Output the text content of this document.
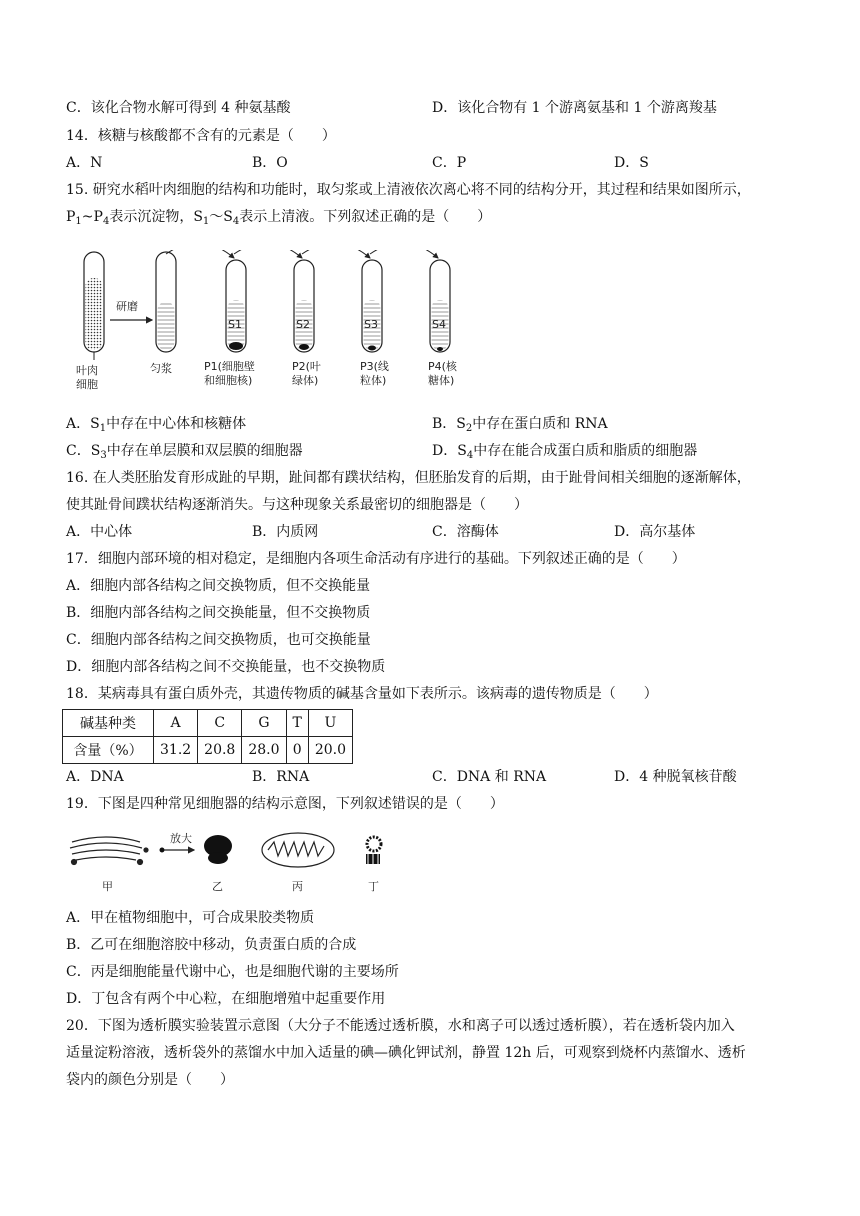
C．该化合物水解可得到 4 种氨基酸	D．该化合物有 1 个游离氨基和 1 个游离羧基
14．核糖与核酸都不含有的元素是（　　）
A．N	B．O	C．P	D．S
15. 研究水稻叶肉细胞的结构和功能时，取匀浆或上清液依次离心将不同的结构分开，其过程和结果如图所示，
$P_1\sim P_4$表示沉淀物，$S_1\sim S_4$表示上清液。下列叙述正确的是（　　）
叶肉
细胞
研磨
匀浆
S1	S2	S3	S4
P1(细胞壁
和细胞核)
P2(叶
绿体)
P3(线
粒体)
P4(核
糖体)
A．$S_1$中存在中心体和核糖体	B．$S_2$中存在蛋白质和 RNA
C．$S_3$中存在单层膜和双层膜的细胞器	D．$S_4$中存在能合成蛋白质和脂质的细胞器
16. 在人类胚胎发育形成趾的早期，趾间都有蹼状结构，但胚胎发育的后期，由于趾骨间相关细胞的逐渐解体，
使其趾骨间蹼状结构逐渐消失。与这种现象关系最密切的细胞器是（　　）
A．中心体	B．内质网	C．溶酶体	D．高尔基体
17．细胞内部环境的相对稳定，是细胞内各项生命活动有序进行的基础。下列叙述正确的是（　　）
A．细胞内部各结构之间交换物质，但不交换能量
B．细胞内部各结构之间交换能量，但不交换物质
C．细胞内部各结构之间交换物质，也可交换能量
D．细胞内部各结构之间不交换能量，也不交换物质
18．某病毒具有蛋白质外壳，其遗传物质的碱基含量如下表所示。该病毒的遗传物质是（　　）
碱基种类	A	C	G	T	U
含量（%）	31.2	20.8	28.0	0	20.0
A．DNA	B．RNA	C．DNA 和 RNA	D．4 种脱氧核苷酸
19．下图是四种常见细胞器的结构示意图，下列叙述错误的是（　　）
甲
放大
乙	丙	丁
A．甲在植物细胞中，可合成果胶类物质
B．乙可在细胞溶胶中移动，负责蛋白质的合成
C．丙是细胞能量代谢中心，也是细胞代谢的主要场所
D．丁包含有两个中心粒，在细胞增殖中起重要作用
20．下图为透析膜实验装置示意图（大分子不能透过透析膜，水和离子可以透过透析膜），若在透析袋内加入
适量淀粉溶液，透析袋外的蒸馏水中加入适量的碘—碘化钾试剂，静置 12h 后，可观察到烧杯内蒸馏水、透析
袋内的颜色分别是（　　）
